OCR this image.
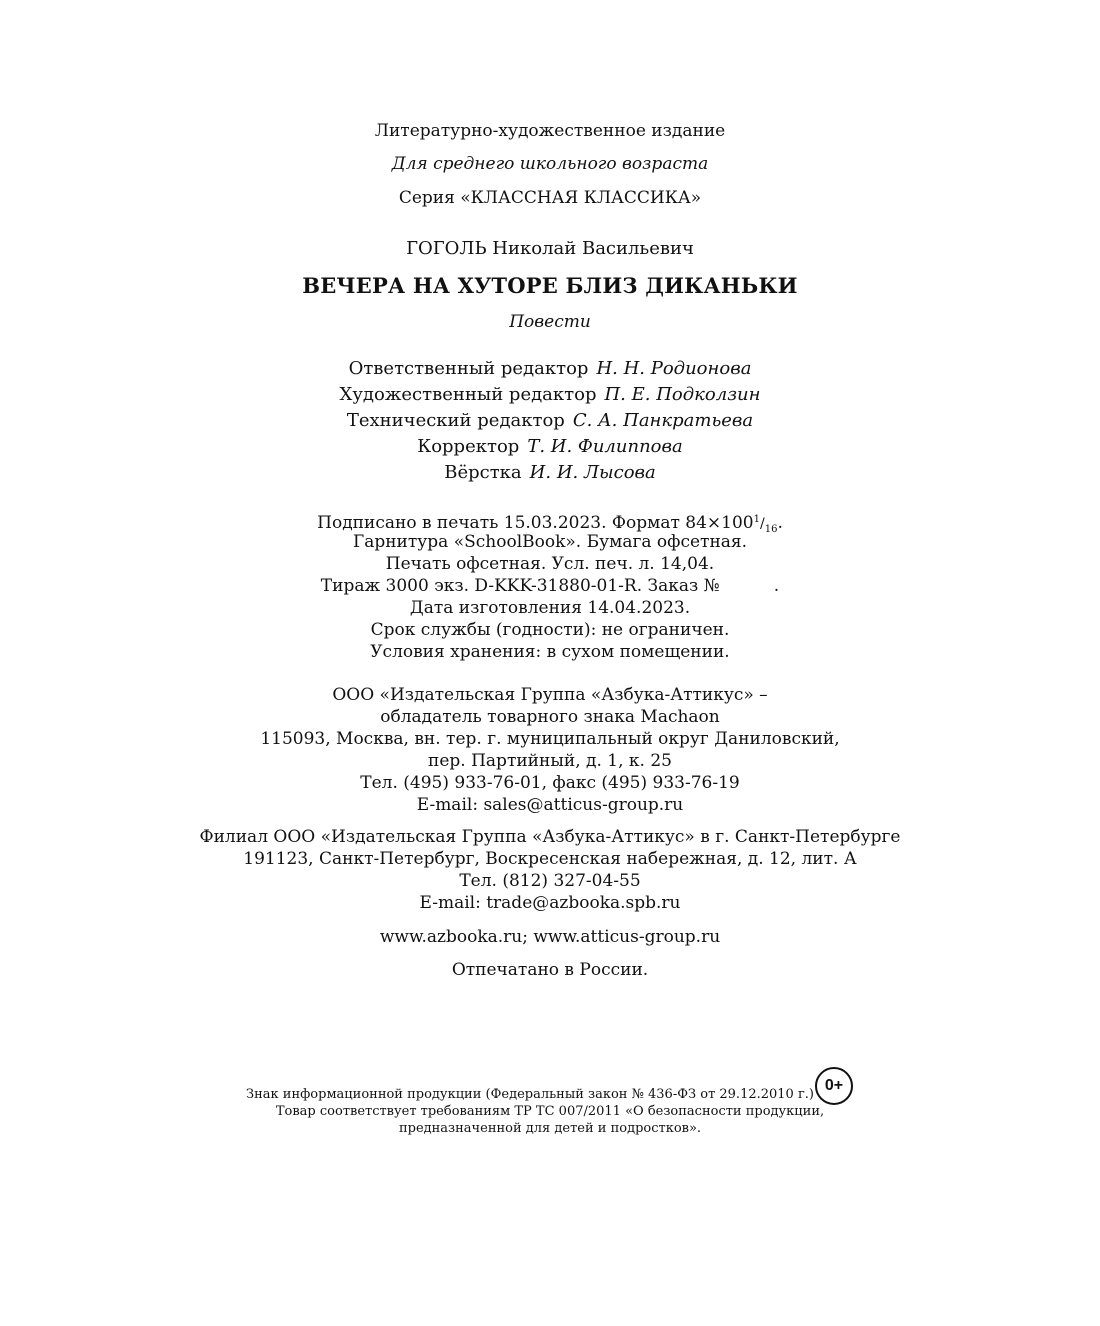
Литературно-художественное издание
Для среднего школьного возраста
Серия «КЛАССНАЯ КЛАССИКА»
ГОГОЛЬ Николай Васильевич
ВЕЧЕРА НА ХУТОРЕ БЛИЗ ДИКАНЬКИ
Повести
Ответственный редактор Н. Н. Родионова
Художественный редактор П. Е. Подколзин
Технический редактор С. А. Панкратьева
Корректор Т. И. Филиппова
Вёрстка И. И. Лысова
Подписано в печать 15.03.2023. Формат $84\times 100^1/_{16}$.
Гарнитура «SchoolBook». Бумага офсетная.
Печать офсетная. Усл. печ. л. 14,04.
Тираж 3000 экз. D-KKK-31880-01-R. Заказ №	.
Дата изготовления 14.04.2023.
Срок службы (годности): не ограничен.
Условия хранения: в сухом помещении.
ООО «Издательская Группа «Азбука-Аттикус» –
обладатель товарного знака Machaon
115093, Москва, вн. тер. г. муниципальный округ Даниловский,
пер. Партийный, д. 1, к. 25
Тел. (495) 933-76-01, факс (495) 933-76-19
E-mail: sales@atticus-group.ru
Филиал ООО «Издательская Группа «Азбука-Аттикус» в г. Санкт-Петербурге
191123, Санкт-Петербург, Воскресенская набережная, д. 12, лит. А
Тел. (812) 327-04-55
E-mail: trade@azbooka.spb.ru
www.azbooka.ru; www.atticus-group.ru
Отпечатано в России.
Знак информационной продукции (Федеральный закон № 436-ФЗ от 29.12.2010 г.)
Товар соответствует требованиям ТР ТС 007/2011 «О безопасности продукции,
предназначенной для детей и подростков».
0+
